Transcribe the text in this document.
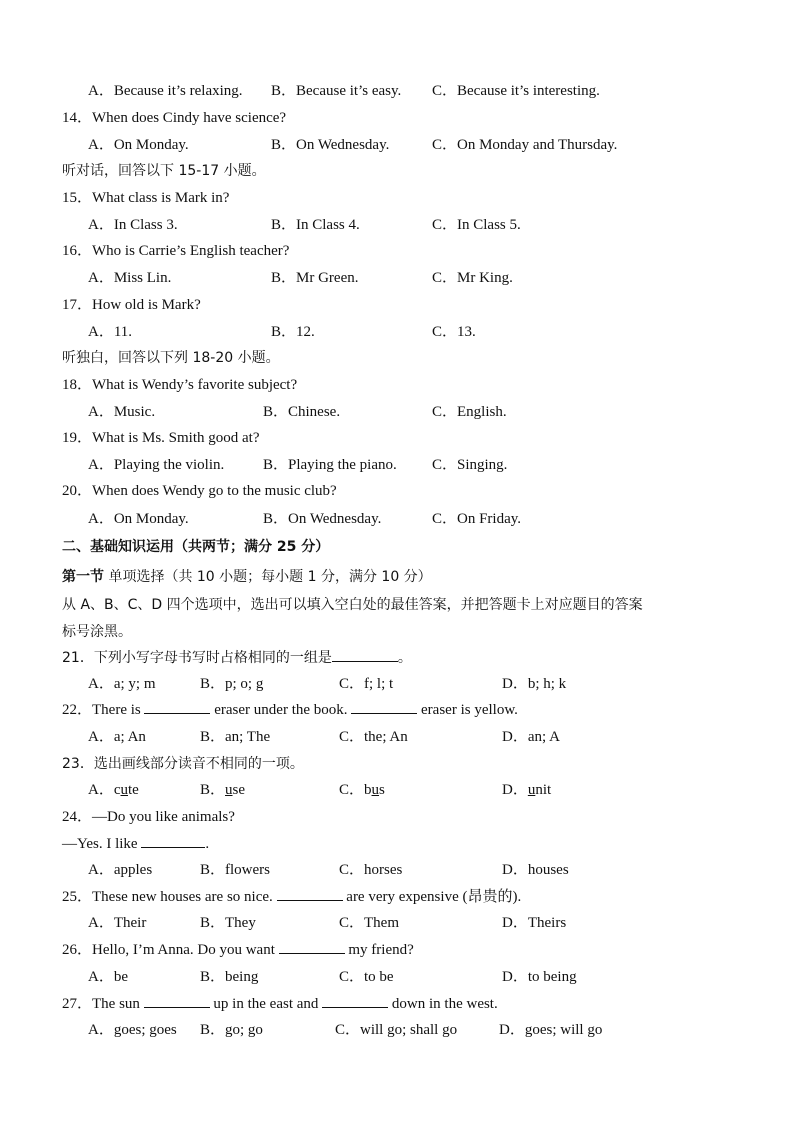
A．Because it’s relaxing. B．Because it’s easy. C．Because it’s interesting.
14．When does Cindy have science?
A．On Monday.	B．On Wednesday.	C．On Monday and Thursday.
听对话，回答以下 15-17 小题。
15．What class is Mark in?
A．In Class 3.	B．In Class 4.	C．In Class 5.
16．Who is Carrie’s English teacher?
A．Miss Lin.	B．Mr Green.	C．Mr King.
17．How old is Mark?
A．11.	B．12.	C．13.
听独白，回答以下列 18-20 小题。
18．What is Wendy’s favorite subject?
A．Music.	B．Chinese.	C．English.
19．What is Ms. Smith good at?
A．Playing the violin.	B．Playing the piano. C．Singing.
20．When does Wendy go to the music club?
A．On Monday.	B．On Wednesday.	C．On Friday.
二、基础知识运用（共两节；满分 25 分）
第一节 单项选择（共 10 小题；每小题 1 分，满分 10 分）
从 A、B、C、D 四个选项中，选出可以填入空白处的最佳答案，并把答题卡上对应题目的答案
标号涂黑。
21．下列小写字母书写时占格相同的一组是	。
A．a; y; m	B．p; o; g	C．f; l; t	D．b; h; k
22．There is	eraser under the book.	eraser is yellow.
A．a; An	B．an; The	C．the; An	D．an; A
23．选出画线部分读音不相同的一项。
A．cute	B．use	C．bus	D．unit
24．—Do you like animals?
—Yes. I like	.
A．apples	B．flowers	C．horses	D．houses
25．These new houses are so nice.	are very expensive (昂贵的).
A．Their	B．They	C．Them	D．Theirs
26．Hello, I’m Anna. Do you want	my friend?
A．be	B．being	C．to be	D．to being
27．The sun	up in the east and	down in the west.
A．goes; goes B．go; go	C．will go; shall go	D．goes; will go
